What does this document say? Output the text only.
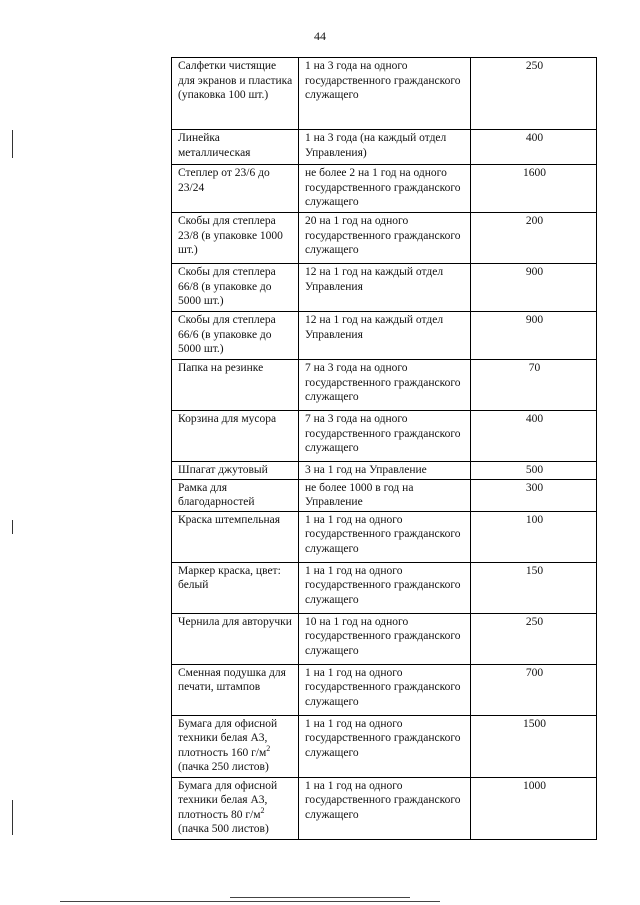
44
Салфетки чистящие для экранов и пластика (упаковка 100 шт.)	1 на 3 года на одного государственного гражданского служащего	250
Линейка металлическая	1 на 3 года (на каждый отдел Управления)	400
Степлер от 23/6 до 23/24	не более 2 на 1 год на одного государственного гражданского служащего	1600
Скобы для степлера 23/8 (в упаковке 1000 шт.)	20 на 1 год на одного государственного гражданского служащего	200
Скобы для степлера 66/8 (в упаковке до 5000 шт.)	12 на 1 год на каждый отдел Управления	900
Скобы для степлера 66/6 (в упаковке до 5000 шт.)	12 на 1 год на каждый отдел Управления	900
Папка на резинке	7 на 3 года на одного государственного гражданского служащего	70
Корзина для мусора	7 на 3 года на одного государственного гражданского служащего	400
Шпагат джутовый	3 на 1 год на Управление	500
Рамка для благодарностей	не более 1000 в год на Управление	300
Краска штемпельная	1 на 1 год на одного государственного гражданского служащего	100
Маркер краска, цвет: белый	1 на 1 год на одного государственного гражданского служащего	150
Чернила для авторучки	10 на 1 год на одного государственного гражданского служащего	250
Сменная подушка для печати, штампов	1 на 1 год на одного государственного гражданского служащего	700
Бумага для офисной техники белая А3, плотность 160 $г/м^2$ (пачка 250 листов)	1 на 1 год на одного государственного гражданского служащего	1500
Бумага для офисной техники белая А3, плотность 80 $г/м^2$ (пачка 500 листов)	1 на 1 год на одного государственного гражданского служащего	1000
